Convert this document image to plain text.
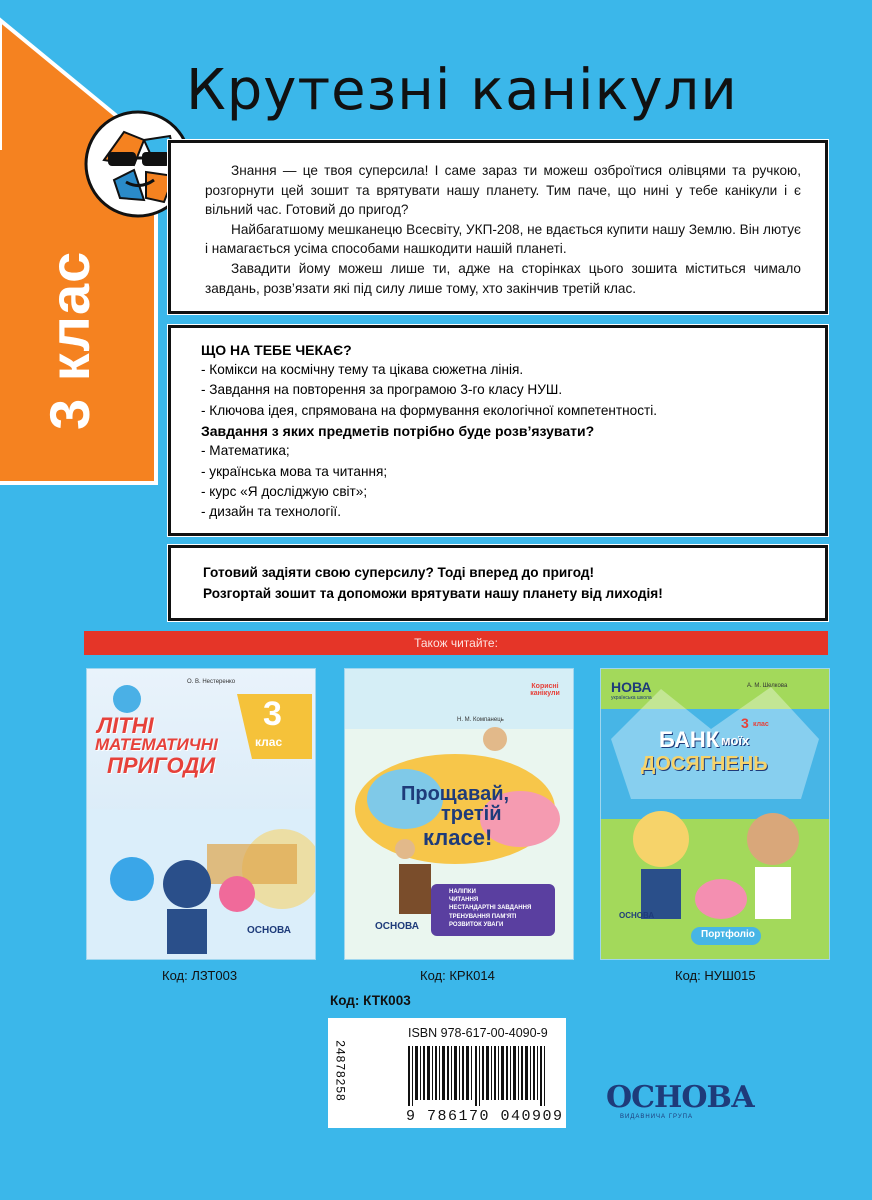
3 клас
Крутезні канікули

Знання — це твоя суперсила! І саме зараз ти можеш озброїтися олівцями та ручкою, розгорнути цей зошит та врятувати нашу планету. Тим паче, що нині у тебе канікули і є вільний час. Готовий до пригод?

Найбагатшому мешканецю Всесвіту, УКП-208, не вдається купити нашу Землю. Він лютує і намагається усіма способами нашкодити нашій планеті.

Завадити йому можеш лише ти, адже на сторінках цього зошита міститься чимало завдань, розв’язати які під силу лише тому, хто закінчив третій клас.

ЩО НА ТЕБЕ ЧЕКАЄ?
- Комікси на космічну тему та цікава сюжетна лінія.
- Завдання на повторення за програмою 3-го класу НУШ.
- Ключова ідея, спрямована на формування екологічної компетентності.
Завдання з яких предметів потрібно буде розв’язувати?
- Математика;
- українська мова та читання;
- курс «Я досліджую світ»;
- дизайн та технології.
Готовий задіяти свою суперсилу? Тоді вперед до пригод!
Розгортай зошит та допоможи врятувати нашу планету від лиходія!
Також читайте:
О. В. Нестеренко
ЛІТНІ
МАТЕМАТИЧНІ
ПРИГОДИ
3
клас
ОСНОВА
Корисні канікули
Н. М. Компанець
Прощавай,
третій
класе!
НАЛІПКИ
ЧИТАННЯ
НЕСТАНДАРТНІ ЗАВДАННЯ
ТРЕНУВАННЯ ПАМ'ЯТІ
РОЗВИТОК УВАГИ
ОСНОВА
НОВА
українська школа
А. М. Шелкова
БАНК моїх
ДОСЯГНЕНЬ
3 клас
Портфоліо
ОСНОВА
Код: ЛЗТ003	Код: КРК014	Код: НУШ015
Код: КТК003
24878258
ISBN 978-617-00-4090-9
9 786170 040909
ОСНОВА
ВИДАВНИЧА ГРУПА
